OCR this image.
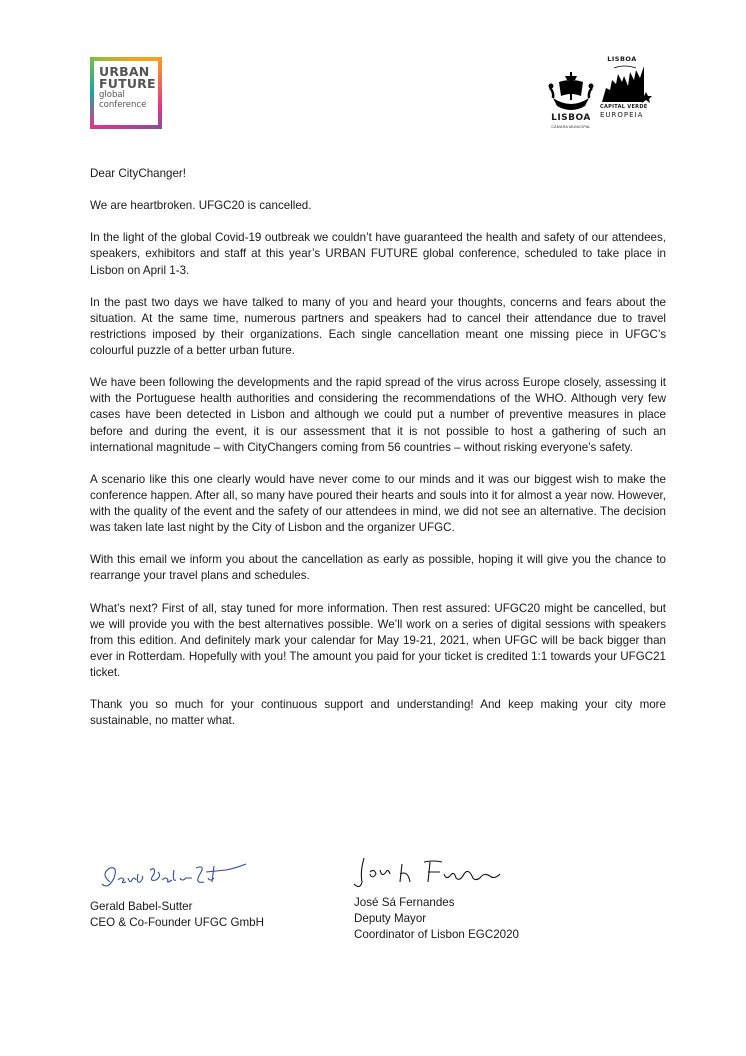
URBAN
FUTURE
global
conference
LISBOA
CÂMARA MUNICIPAL
LISBOA
CAPITAL VERDE
EUROPEIA

Dear CityChanger!

We are heartbroken. UFGC20 is cancelled.

In the light of the global Covid-19 outbreak we couldn’t have guaranteed the health and safety of our attendees, speakers, exhibitors and staff at this year’s URBAN FUTURE global conference, scheduled to take place in Lisbon on April 1-3.

In the past two days we have talked to many of you and heard your thoughts, concerns and fears about the situation. At the same time, numerous partners and speakers had to cancel their attendance due to travel restrictions imposed by their organizations. Each single cancellation meant one missing piece in UFGC’s colourful puzzle of a better urban future.

We have been following the developments and the rapid spread of the virus across Europe closely, assessing it with the Portuguese health authorities and considering the recommendations of the WHO. Although very few cases have been detected in Lisbon and although we could put a number of preventive measures in place before and during the event, it is our assessment that it is not possible to host a gathering of such an international magnitude – with CityChangers coming from 56 countries – without risking everyone’s safety.

A scenario like this one clearly would have never come to our minds and it was our biggest wish to make the conference happen. After all, so many have poured their hearts and souls into it for almost a year now. However, with the quality of the event and the safety of our attendees in mind, we did not see an alternative. The decision was taken late last night by the City of Lisbon and the organizer UFGC.

With this email we inform you about the cancellation as early as possible, hoping it will give you the chance to rearrange your travel plans and schedules.

What’s next? First of all, stay tuned for more information. Then rest assured: UFGC20 might be cancelled, but we will provide you with the best alternatives possible. We’ll work on a series of digital sessions with speakers from this edition. And definitely mark your calendar for May 19-21, 2021, when UFGC will be back bigger than ever in Rotterdam. Hopefully with you! The amount you paid for your ticket is credited 1:1 towards your UFGC21 ticket.

Thank you so much for your continuous support and understanding! And keep making your city more sustainable, no matter what.

Gerald Babel-Sutter
CEO & Co-Founder UFGC GmbH
José Sá Fernandes
Deputy Mayor
Coordinator of Lisbon EGC2020
